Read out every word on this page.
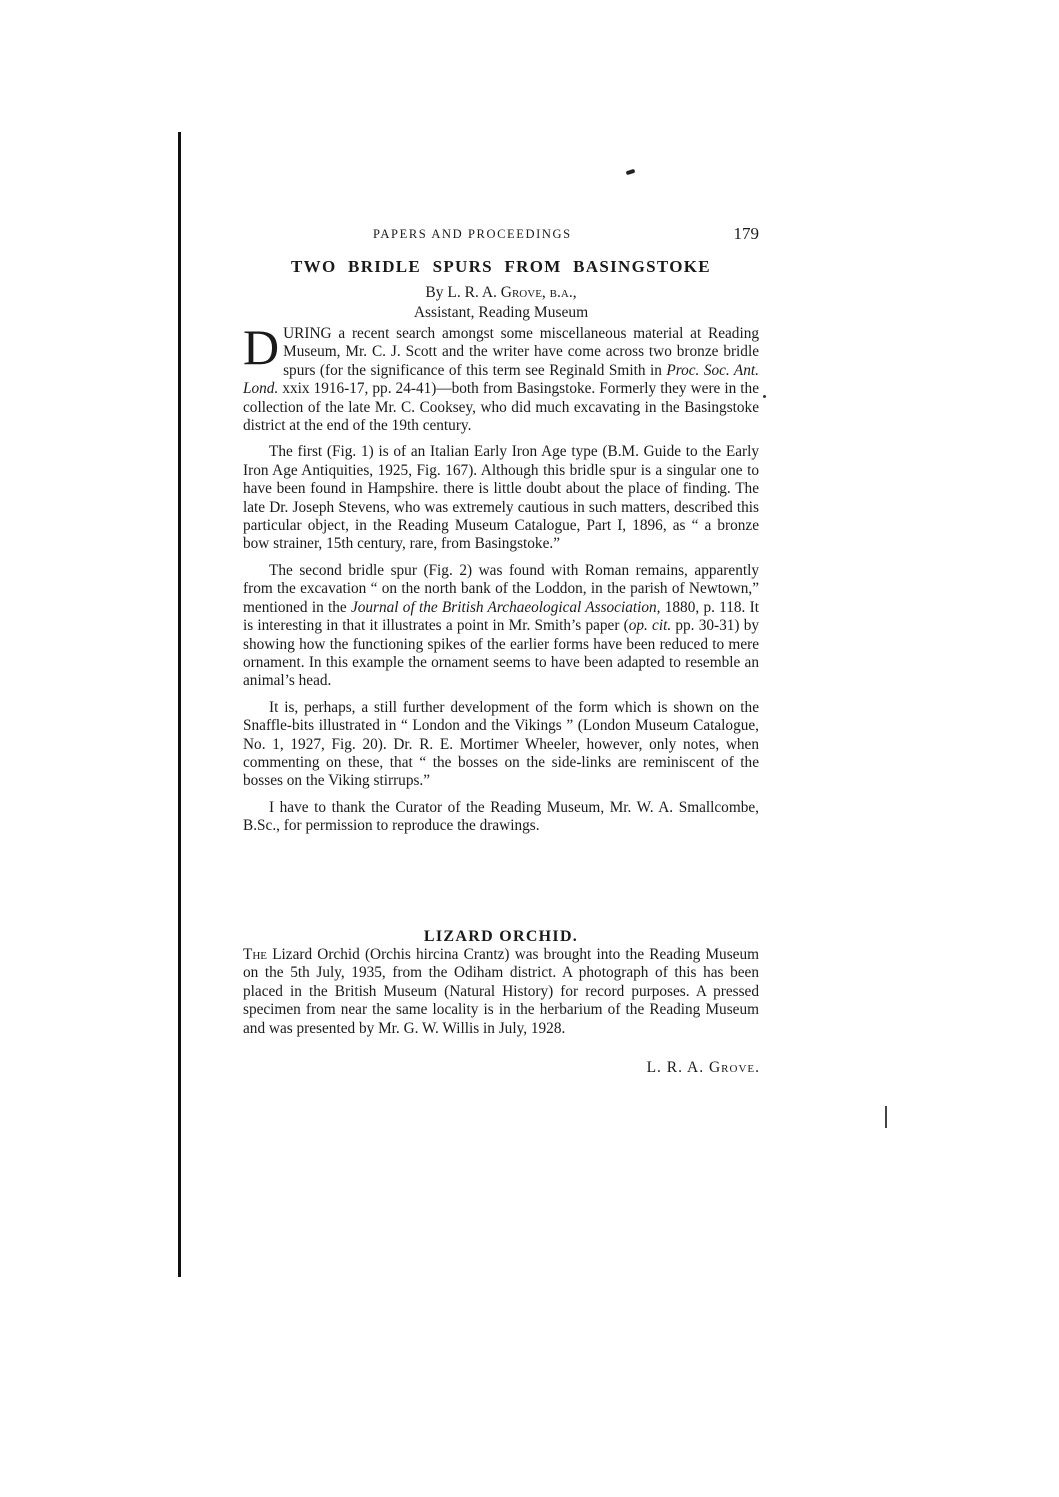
PAPERS AND PROCEEDINGS	179
TWO BRIDLE SPURS FROM BASINGSTOKE
By L. R. A. Grove, b.a.,
Assistant, Reading Museum

DURING a recent search amongst some miscellaneous material at Reading Museum, Mr. C. J. Scott and the writer have come across two bronze bridle spurs (for the significance of this term see Reginald Smith in Proc. Soc. Ant. Lond. xxix 1916-17, pp. 24-41)—both from Basingstoke. Formerly they were in the collection of the late Mr. C. Cooksey, who did much excavating in the Basingstoke district at the end of the 19th century.

The first (Fig. 1) is of an Italian Early Iron Age type (B.M. Guide to the Early Iron Age Antiquities, 1925, Fig. 167). Although this bridle spur is a singular one to have been found in Hampshire. there is little doubt about the place of finding. The late Dr. Joseph Stevens, who was extremely cautious in such matters, described this particular object, in the Reading Museum Catalogue, Part I, 1896, as “ a bronze bow strainer, 15th century, rare, from Basingstoke.”

The second bridle spur (Fig. 2) was found with Roman remains, apparently from the excavation “ on the north bank of the Loddon, in the parish of Newtown,” mentioned in the Journal of the British Archaeological Association, 1880, p. 118. It is interesting in that it illustrates a point in Mr. Smith’s paper (op. cit. pp. 30-31) by showing how the functioning spikes of the earlier forms have been reduced to mere ornament. In this example the ornament seems to have been adapted to resemble an animal’s head.

It is, perhaps, a still further development of the form which is shown on the Snaffle-bits illustrated in “ London and the Vikings ” (London Museum Catalogue, No. 1, 1927, Fig. 20). Dr. R. E. Mortimer Wheeler, however, only notes, when commenting on these, that “ the bosses on the side-links are reminiscent of the bosses on the Viking stirrups.”

I have to thank the Curator of the Reading Museum, Mr. W. A. Smallcombe, B.Sc., for permission to reproduce the drawings.

LIZARD ORCHID.

The Lizard Orchid (Orchis hircina Crantz) was brought into the Reading Museum on the 5th July, 1935, from the Odiham district. A photograph of this has been placed in the British Museum (Natural History) for record purposes. A pressed specimen from near the same locality is in the herbarium of the Reading Museum and was presented by Mr. G. W. Willis in July, 1928.

L. R. A. Grove.
